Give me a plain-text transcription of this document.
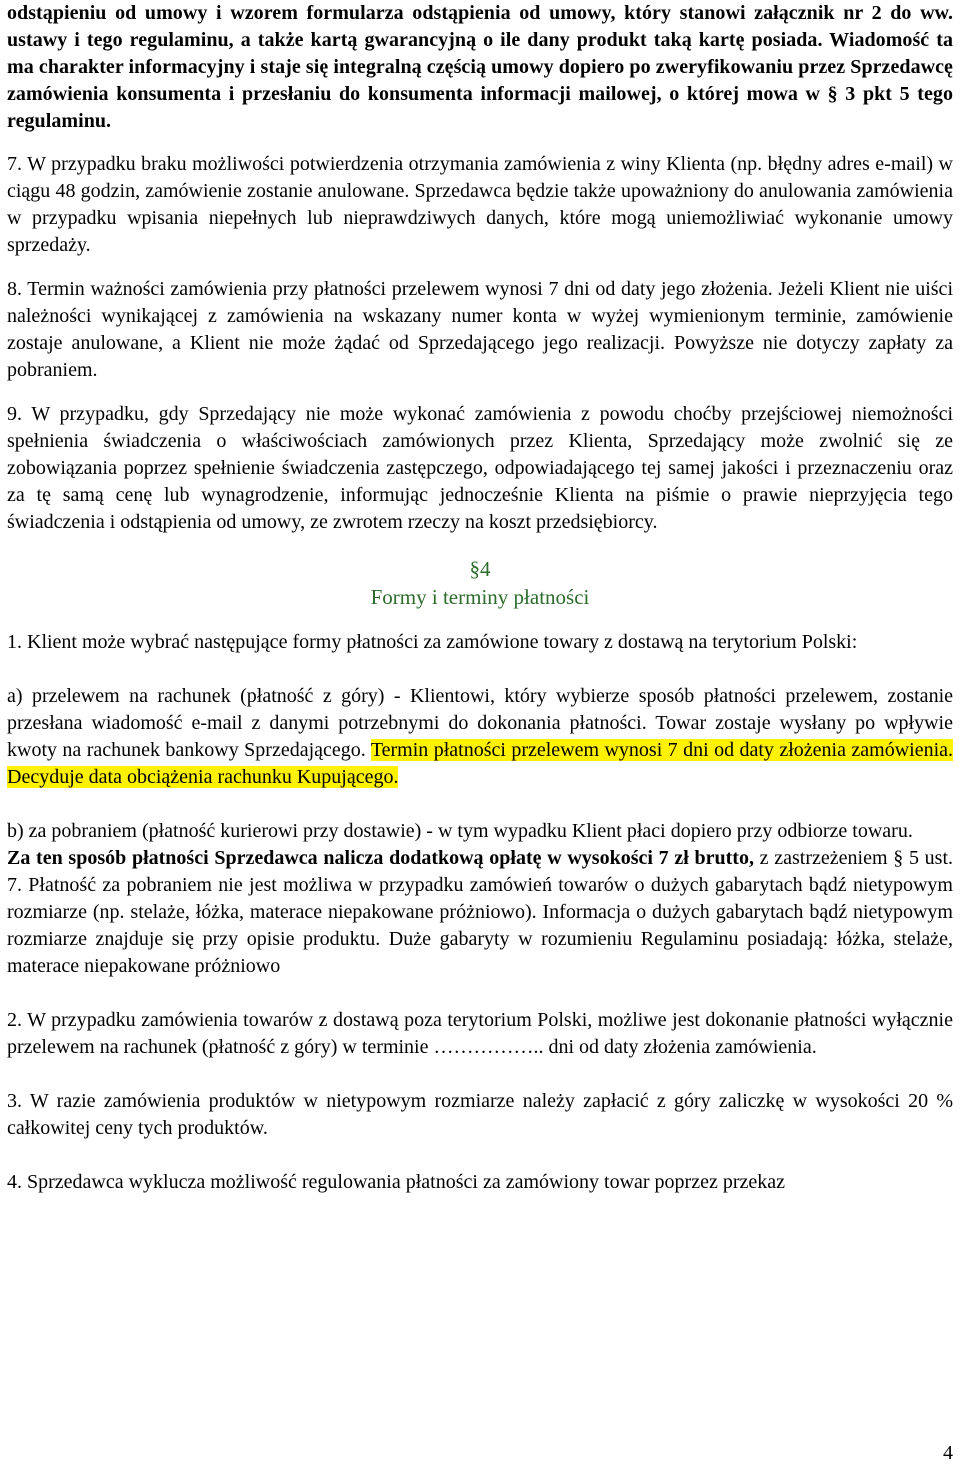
odstąpieniu od umowy i wzorem formularza odstąpienia od umowy, który stanowi załącznik nr 2 do ww. ustawy i tego regulaminu, a także kartą gwarancyjną o ile dany produkt taką kartę posiada. Wiadomość ta ma charakter informacyjny i staje się integralną częścią umowy dopiero po zweryfikowaniu przez Sprzedawcę zamówienia konsumenta i przesłaniu do konsumenta informacji mailowej, o której mowa w § 3 pkt 5 tego regulaminu.

7. W przypadku braku możliwości potwierdzenia otrzymania zamówienia z winy Klienta (np. błędny adres e-mail) w ciągu 48 godzin, zamówienie zostanie anulowane. Sprzedawca będzie także upoważniony do anulowania zamówienia w przypadku wpisania niepełnych lub nieprawdziwych danych, które mogą uniemożliwiać wykonanie umowy sprzedaży.

8. Termin ważności zamówienia przy płatności przelewem wynosi 7 dni od daty jego złożenia. Jeżeli Klient nie uiści należności wynikającej z zamówienia na wskazany numer konta w wyżej wymienionym terminie, zamówienie zostaje anulowane, a Klient nie może żądać od Sprzedającego jego realizacji. Powyższe nie dotyczy zapłaty za pobraniem.

9. W przypadku, gdy Sprzedający nie może wykonać zamówienia z powodu choćby przejściowej niemożności spełnienia świadczenia o właściwościach zamówionych przez Klienta, Sprzedający może zwolnić się ze zobowiązania poprzez spełnienie świadczenia zastępczego, odpowiadającego tej samej jakości i przeznaczeniu oraz za tę samą cenę lub wynagrodzenie, informując jednocześnie Klienta na piśmie o prawie nieprzyjęcia tego świadczenia i odstąpienia od umowy, ze zwrotem rzeczy na koszt przedsiębiorcy.

§4
Formy i terminy płatności

1. Klient może wybrać następujące formy płatności za zamówione towary z dostawą na terytorium Polski:

a) przelewem na rachunek (płatność z góry) - Klientowi, który wybierze sposób płatności przelewem, zostanie przesłana wiadomość e-mail z danymi potrzebnymi do dokonania płatności. Towar zostaje wysłany po wpływie kwoty na rachunek bankowy Sprzedającego. Termin płatności przelewem wynosi 7 dni od daty złożenia zamówienia. Decyduje data obciążenia rachunku Kupującego.

b) za pobraniem (płatność kurierowi przy dostawie) - w tym wypadku Klient płaci dopiero przy odbiorze towaru.

Za ten sposób płatności Sprzedawca nalicza dodatkową opłatę w wysokości 7 zł brutto, z zastrzeżeniem § 5 ust. 7. Płatność za pobraniem nie jest możliwa w przypadku zamówień towarów o dużych gabarytach bądź nietypowym rozmiarze (np. stelaże, łóżka, materace niepakowane próżniowo). Informacja o dużych gabarytach bądź nietypowym rozmiarze znajduje się przy opisie produktu. Duże gabaryty w rozumieniu Regulaminu posiadają: łóżka, stelaże, materace niepakowane próżniowo

2. W przypadku zamówienia towarów z dostawą poza terytorium Polski, możliwe jest dokonanie płatności wyłącznie przelewem na rachunek (płatność z góry) w terminie …………….. dni od daty złożenia zamówienia.

3. W razie zamówienia produktów w nietypowym rozmiarze należy zapłacić z góry zaliczkę w wysokości 20 % całkowitej ceny tych produktów.

4. Sprzedawca wyklucza możliwość regulowania płatności za zamówiony towar poprzez przekaz

4
